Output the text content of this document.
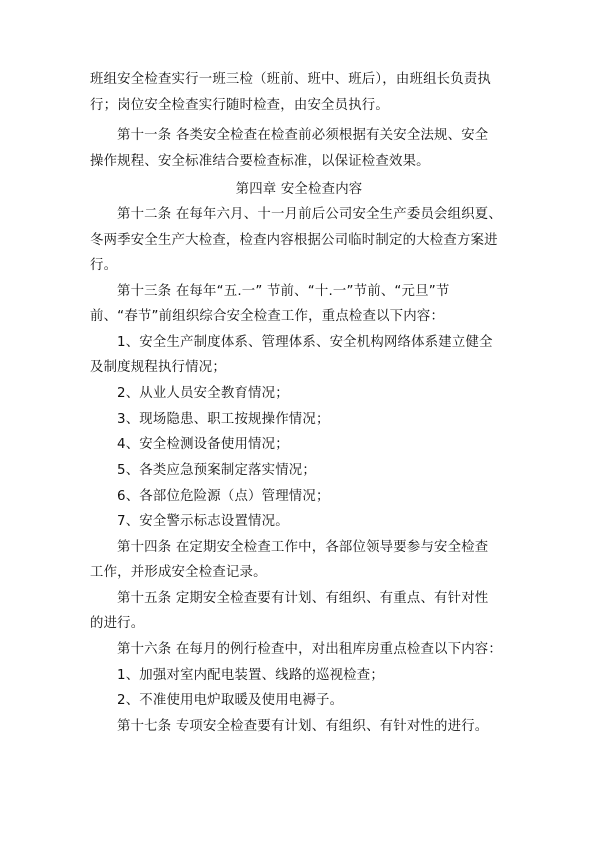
班组安全检查实行一班三检（班前、班中、班后），由班组长负责执
行；岗位安全检查实行随时检查，由安全员执行。
第十一条 各类安全检查在检查前必须根据有关安全法规、安全
操作规程、安全标准结合要检查标准，以保证检查效果。
第四章 安全检查内容
第十二条 在每年六月、十一月前后公司安全生产委员会组织夏、
冬两季安全生产大检查，检查内容根据公司临时制定的大检查方案进
行。
第十三条 在每年“五.一” 节前、“十.一”节前、“元旦”节
前、“春节”前组织综合安全检查工作，重点检查以下内容：
1、安全生产制度体系、管理体系、安全机构网络体系建立健全
及制度规程执行情况；
2、从业人员安全教育情况；
3、现场隐患、职工按规操作情况；
4、安全检测设备使用情况；
5、各类应急预案制定落实情况；
6、各部位危险源（点）管理情况；
7、安全警示标志设置情况。
第十四条 在定期安全检查工作中，各部位领导要参与安全检查
工作，并形成安全检查记录。
第十五条 定期安全检查要有计划、有组织、有重点、有针对性
的进行。
第十六条 在每月的例行检查中，对出租库房重点检查以下内容：
1、加强对室内配电装置、线路的巡视检查；
2、不准使用电炉取暖及使用电褥子。
第十七条 专项安全检查要有计划、有组织、有针对性的进行。
